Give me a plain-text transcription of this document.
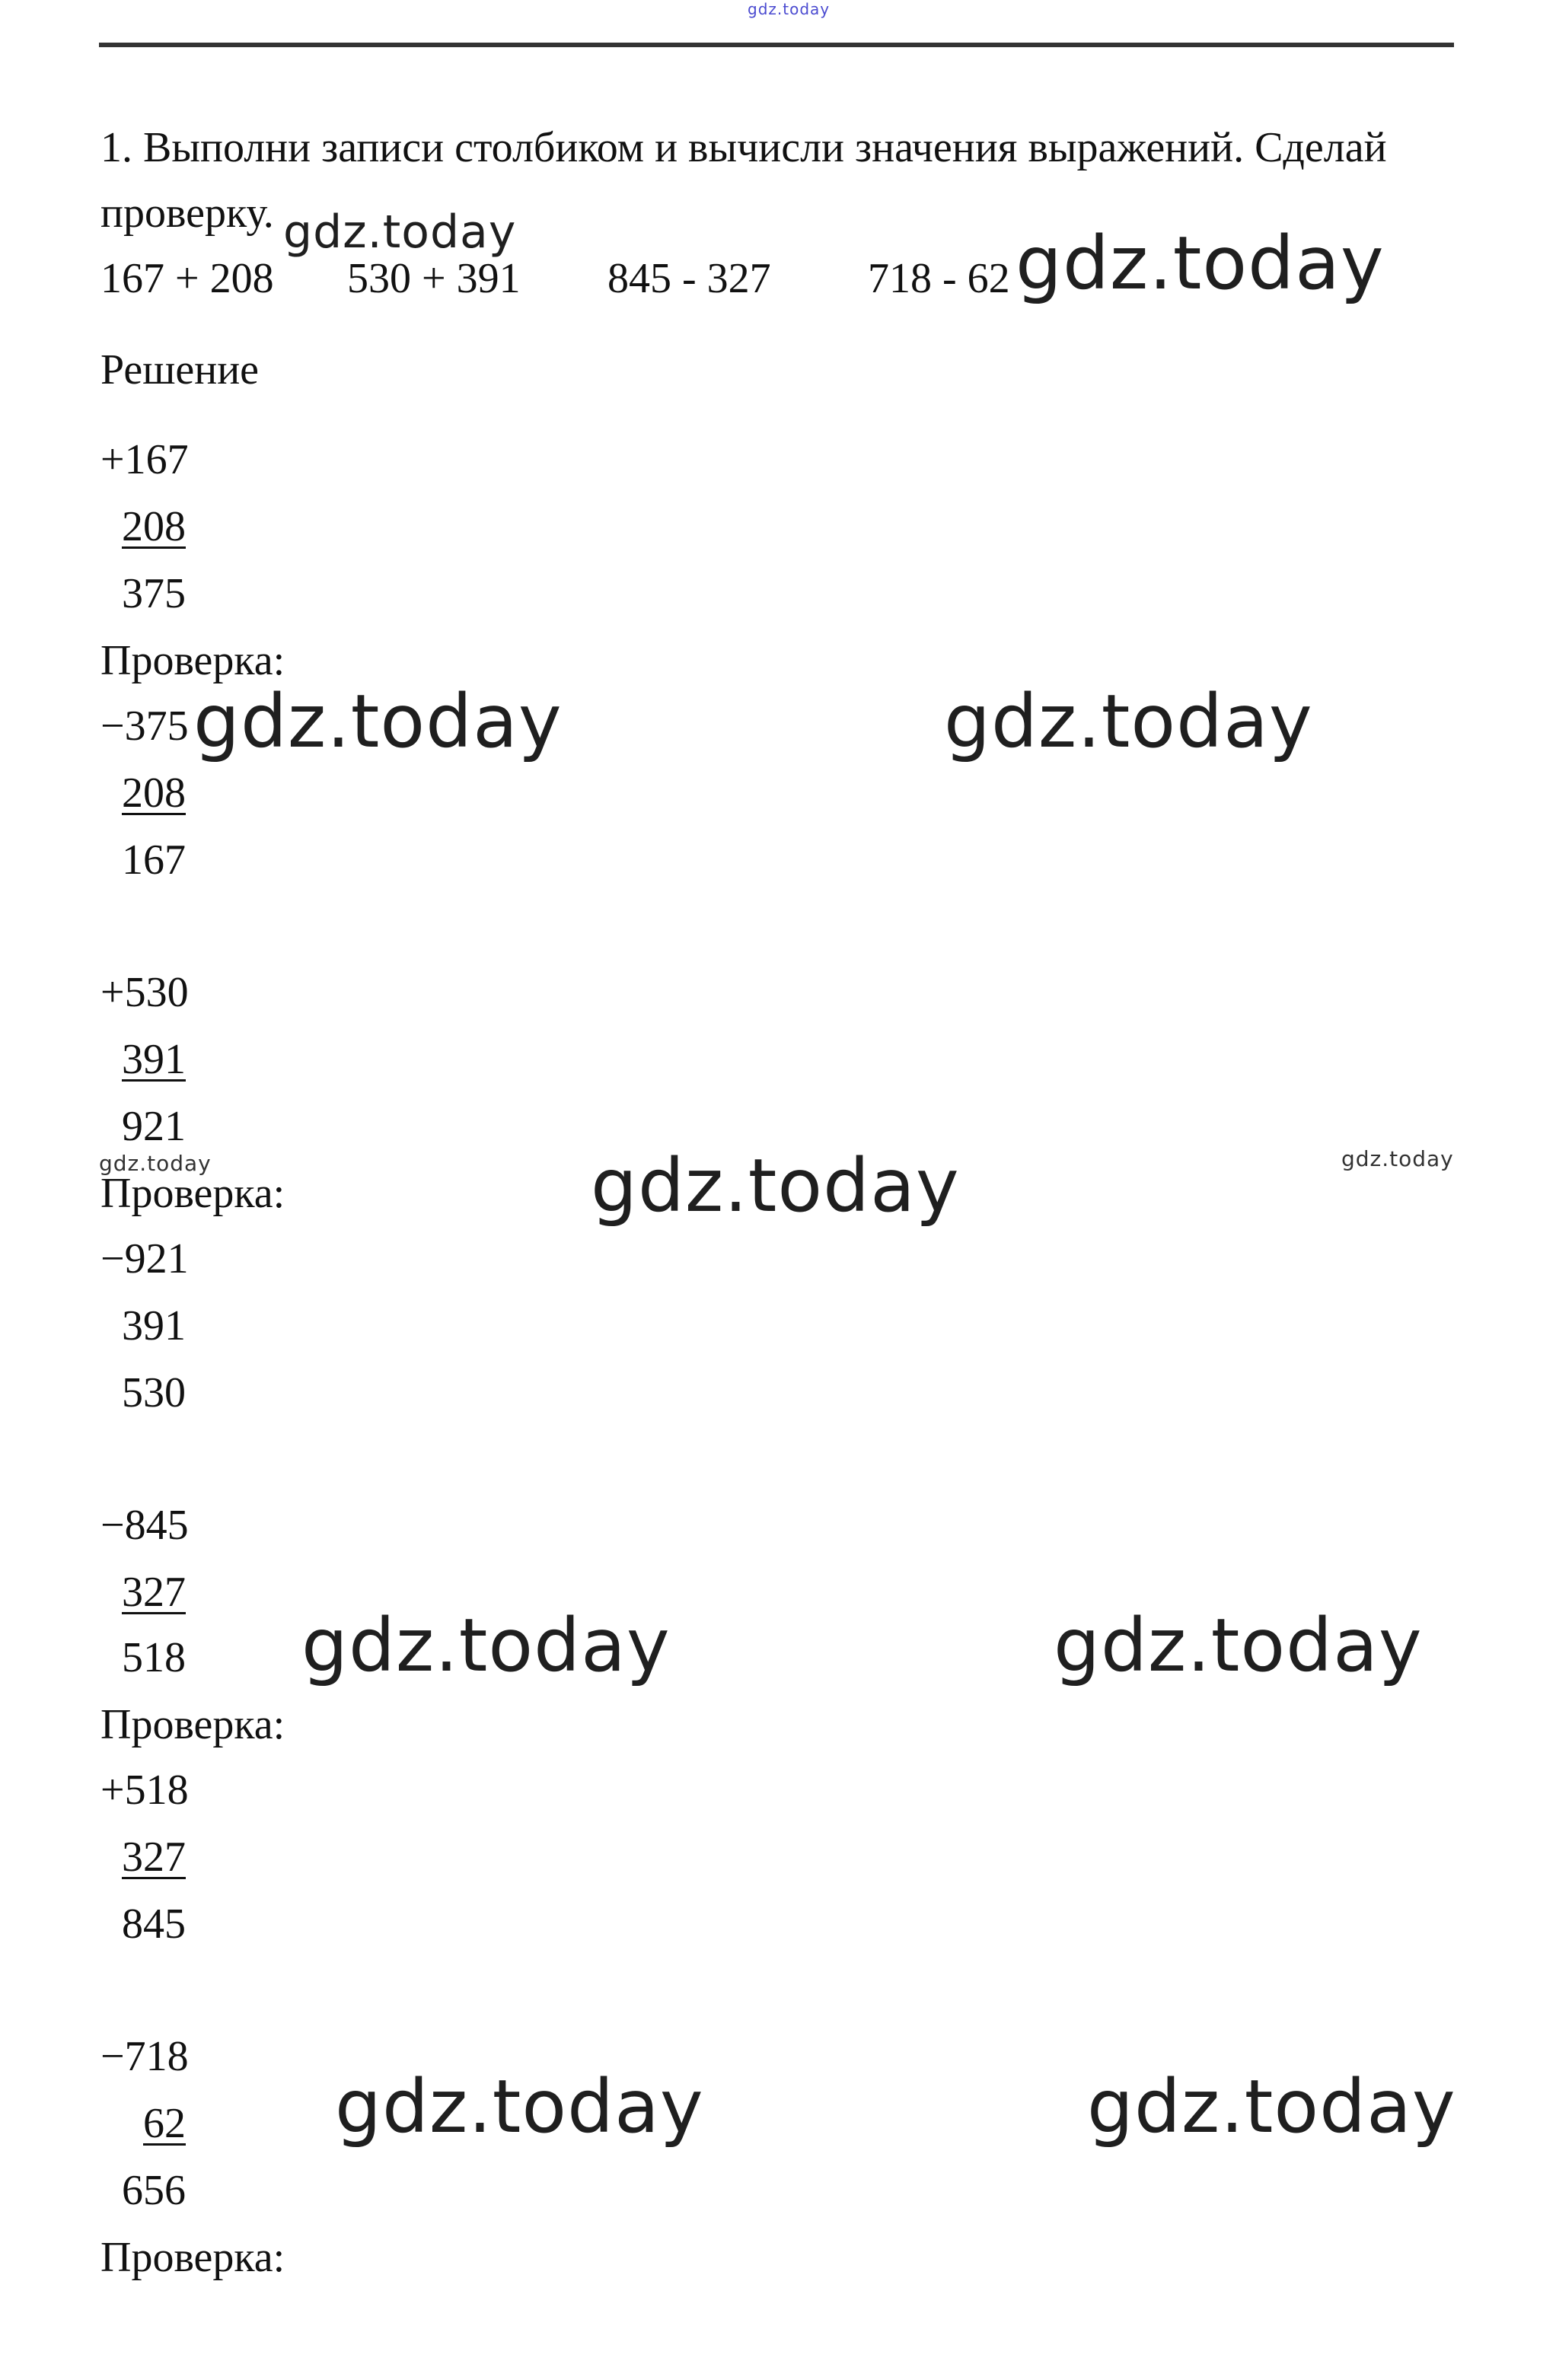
gdz.today
1. Выполни записи столбиком и вычисли значения выражений. Сделай
проверку. gdz.today
167 + 208 530 + 391 845 - 327 718 - 62 gdz.today
Решение
+167
208
375
Проверка:
−375 gdz.today	gdz.today
208
167
+530
391
921
gdz.today	gdz.today
Проверка:	gdz.today
−921
391
530
−845
327
518 gdz.today	gdz.today
Проверка:
+518
327
845
−718
62 gdz.today	gdz.today
656
Проверка:
